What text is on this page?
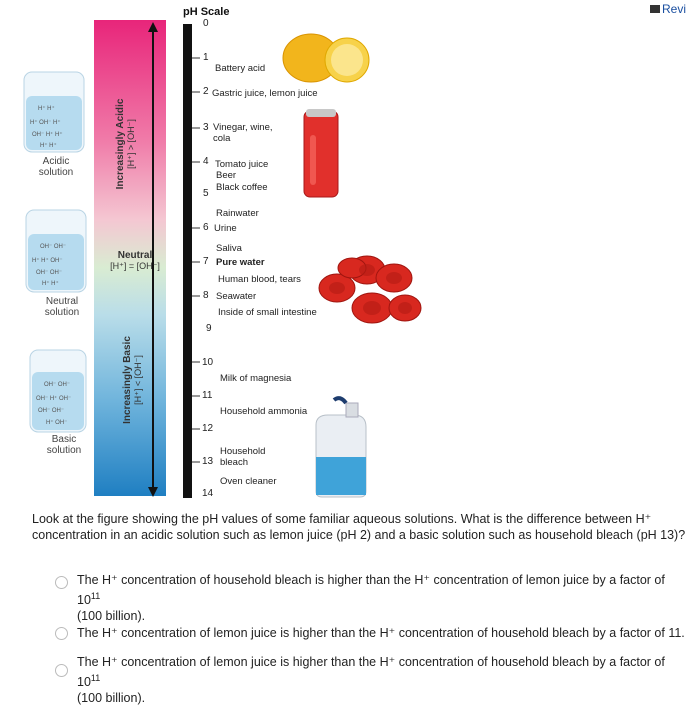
Revi
pH Scale
H⁺ H⁺
H⁺ OH⁻ H⁺
OH⁻ H⁺ H⁺
H⁺ H⁺
OH⁻ OH⁻
H⁺ H⁺ OH⁻
OH⁻ OH⁻
H⁺ H⁺
OH⁻ OH⁻
OH⁻ H⁺ OH⁻
OH⁻ OH⁻
H⁺ OH⁻
Acidic
solution
Neutral
solution
Basic
solution
Increasingly Acidic [H⁺] > [OH⁻]
Neutral
[H⁺] = [OH⁻]
Increasingly Basic [H⁺] < [OH⁻]
0
1
2
3
4
5
6
7
8
9
10
11
12
13
14
Battery acid
Gastric juice, lemon juice
Vinegar, wine,
cola
Tomato juice
Beer
Black coffee
Rainwater
Urine
Saliva
Pure water
Human blood, tears
Seawater
Inside of small intestine
Milk of magnesia
Household ammonia
Household
bleach
Oven cleaner
Look at the figure showing the pH values of some familiar aqueous solutions. What is the difference between H⁺ concentration in an acidic solution such as lemon juice (pH 2) and a basic solution such as household bleach (pH 13)?
The H⁺ concentration of household bleach is higher than the H⁺ concentration of lemon juice by a factor of $10^{11}$
(100 billion).
The H⁺ concentration of lemon juice is higher than the H⁺ concentration of household bleach by a factor of 11.
The H⁺ concentration of lemon juice is higher than the H⁺ concentration of household bleach by a factor of $10^{11}$
(100 billion).
